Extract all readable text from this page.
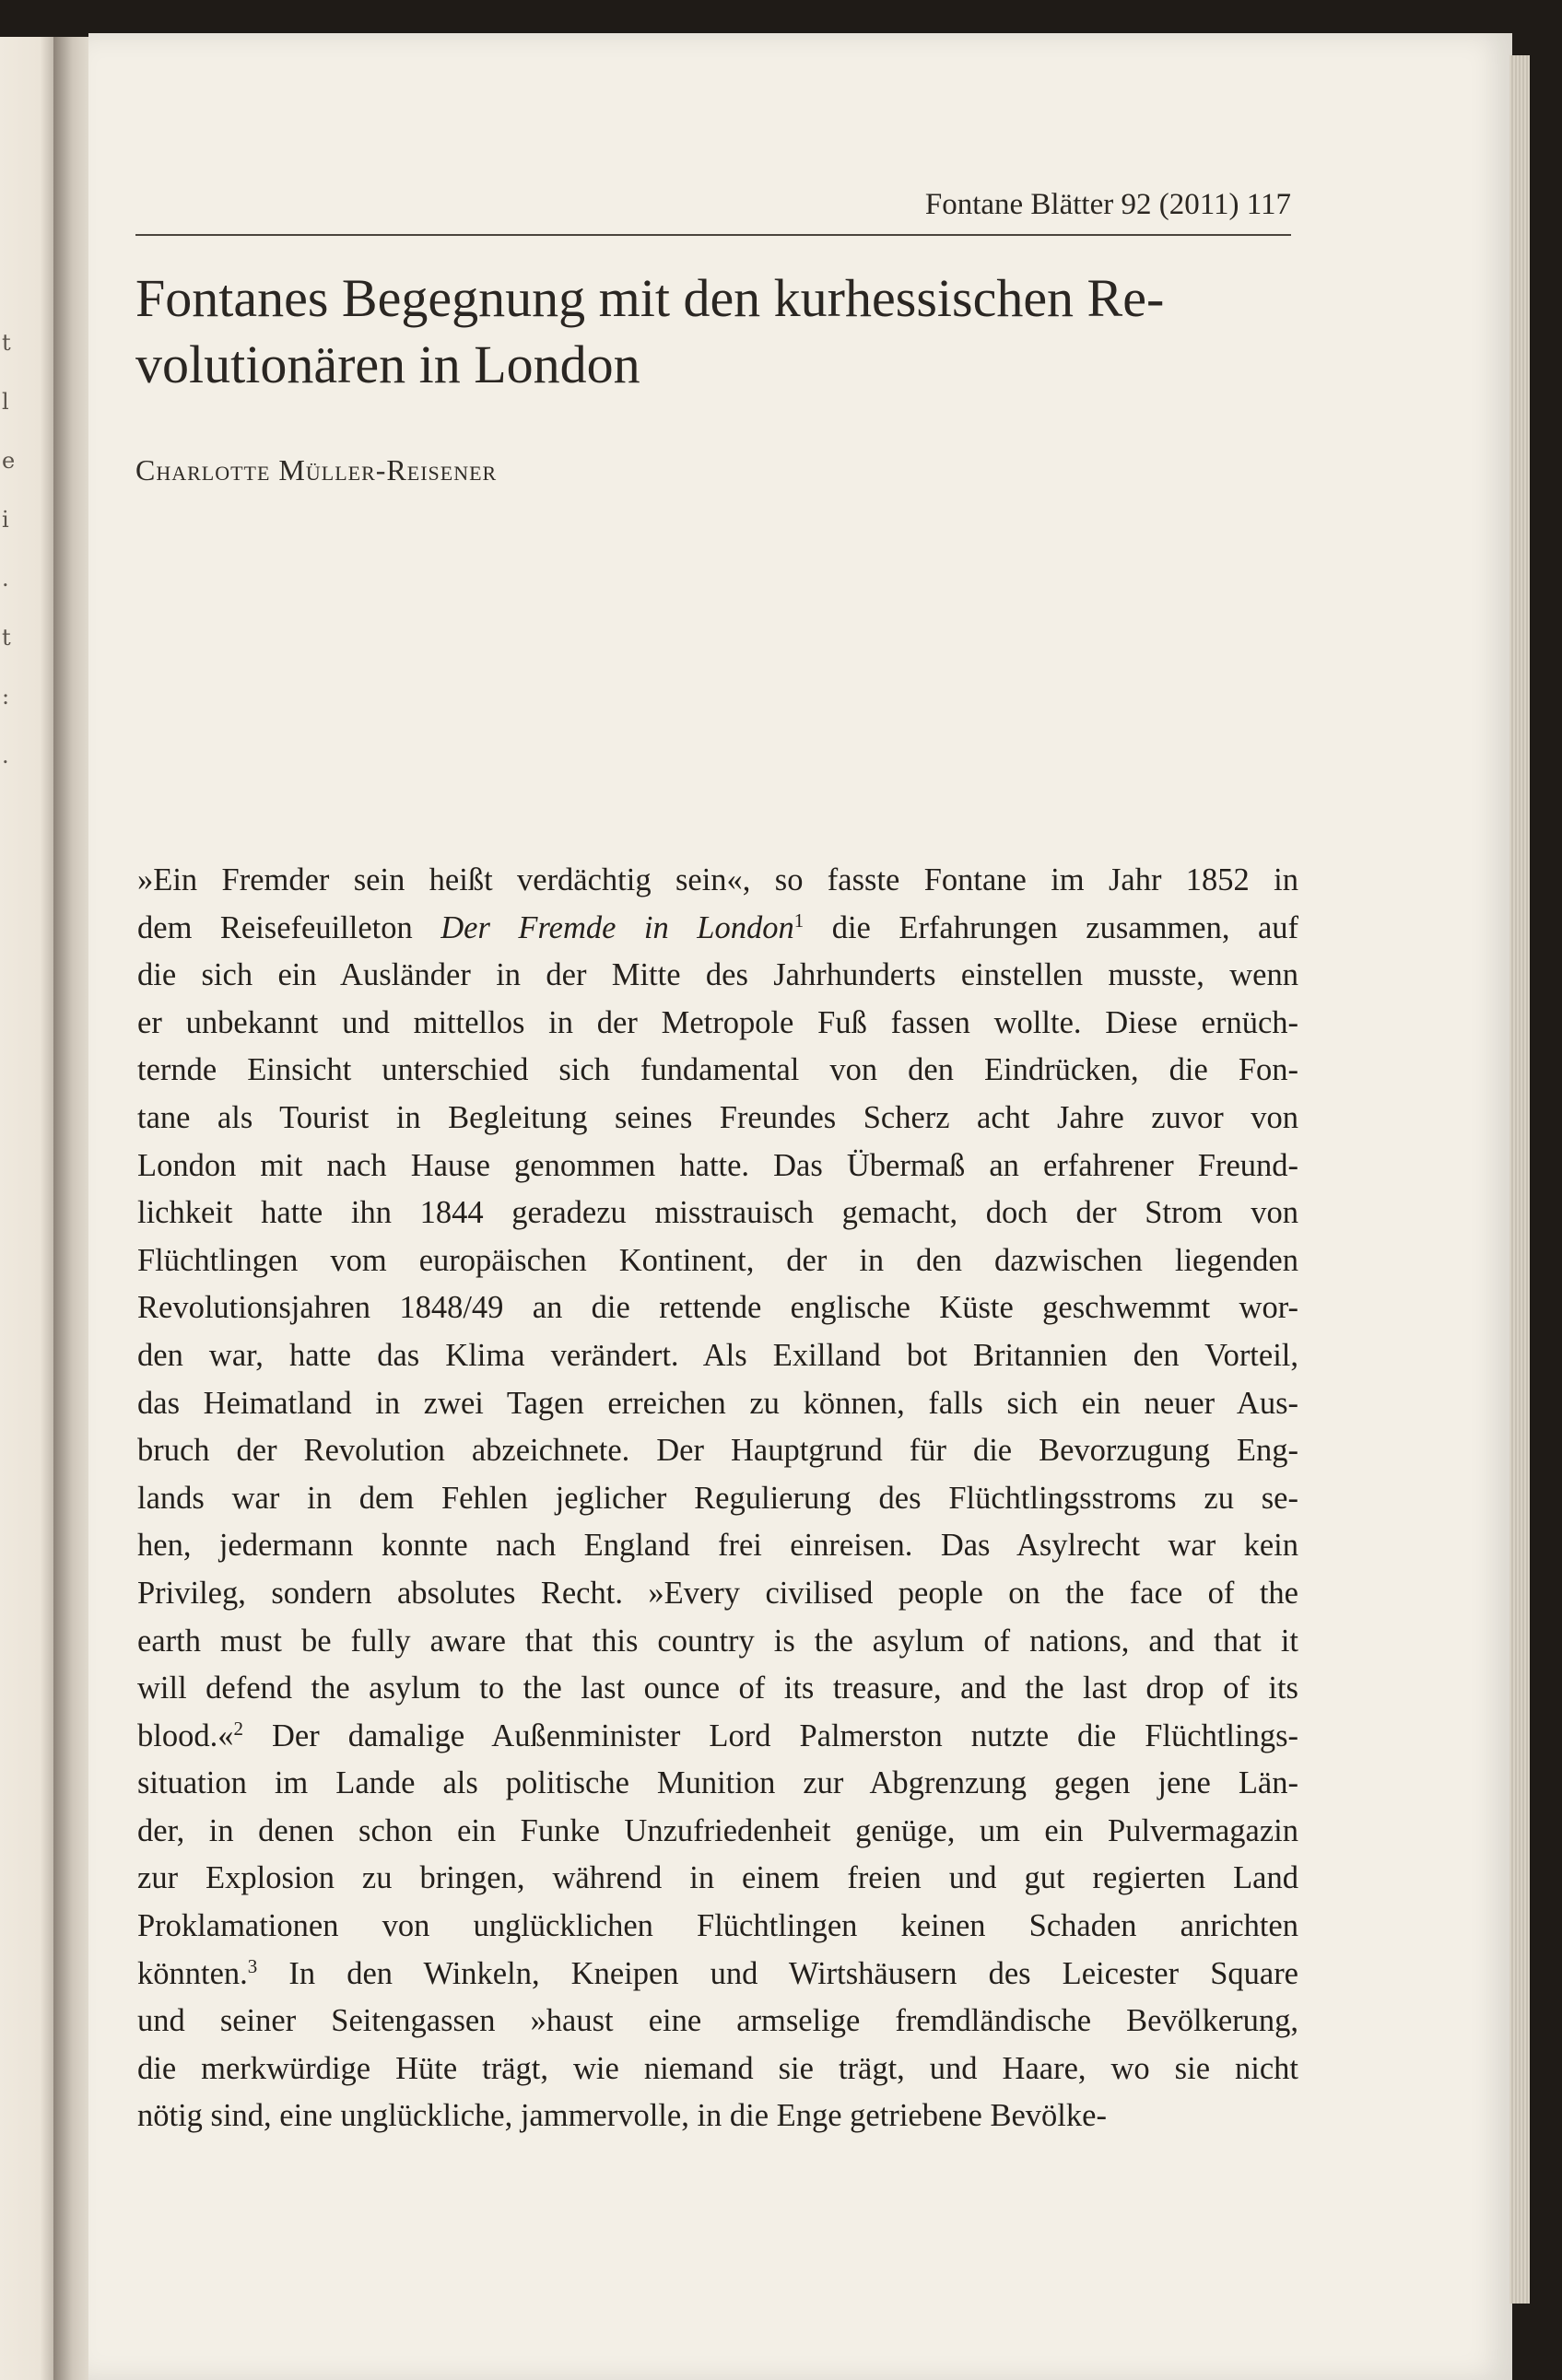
t
l
e
i
.
t
:
.
Fontane Blätter 92 (2011) 117
Fontanes Begegnung mit den kurhessischen Re-
volutionären in London
Charlotte Müller-Reisener
»Ein Fremder sein heißt verdächtig sein«, so fasste Fontane im Jahr 1852 in
dem Reisefeuilleton Der Fremde in London$^1$ die Erfahrungen zusammen, auf
die sich ein Ausländer in der Mitte des Jahrhunderts einstellen musste, wenn
er unbekannt und mittellos in der Metropole Fuß fassen wollte. Diese ernüch-
ternde Einsicht unterschied sich fundamental von den Eindrücken, die Fon-
tane als Tourist in Begleitung seines Freundes Scherz acht Jahre zuvor von
London mit nach Hause genommen hatte. Das Übermaß an erfahrener Freund-
lichkeit hatte ihn 1844 geradezu misstrauisch gemacht, doch der Strom von
Flüchtlingen vom europäischen Kontinent, der in den dazwischen liegenden
Revolutionsjahren 1848/49 an die rettende englische Küste geschwemmt wor-
den war, hatte das Klima verändert. Als Exilland bot Britannien den Vorteil,
das Heimatland in zwei Tagen erreichen zu können, falls sich ein neuer Aus-
bruch der Revolution abzeichnete. Der Hauptgrund für die Bevorzugung Eng-
lands war in dem Fehlen jeglicher Regulierung des Flüchtlingsstroms zu se-
hen, jedermann konnte nach England frei einreisen. Das Asylrecht war kein
Privileg, sondern absolutes Recht. »Every civilised people on the face of the
earth must be fully aware that this country is the asylum of nations, and that it
will defend the asylum to the last ounce of its treasure, and the last drop of its
blood.«$^2$ Der damalige Außenminister Lord Palmerston nutzte die Flüchtlings-
situation im Lande als politische Munition zur Abgrenzung gegen jene Län-
der, in denen schon ein Funke Unzufriedenheit genüge, um ein Pulvermagazin
zur Explosion zu bringen, während in einem freien und gut regierten Land
Proklamationen von unglücklichen Flüchtlingen keinen Schaden anrichten
könnten.$^3$ In den Winkeln, Kneipen und Wirtshäusern des Leicester Square
und seiner Seitengassen »haust eine armselige fremdländische Bevölkerung,
die merkwürdige Hüte trägt, wie niemand sie trägt, und Haare, wo sie nicht
nötig sind, eine unglückliche, jammervolle, in die Enge getriebene Bevölke-
